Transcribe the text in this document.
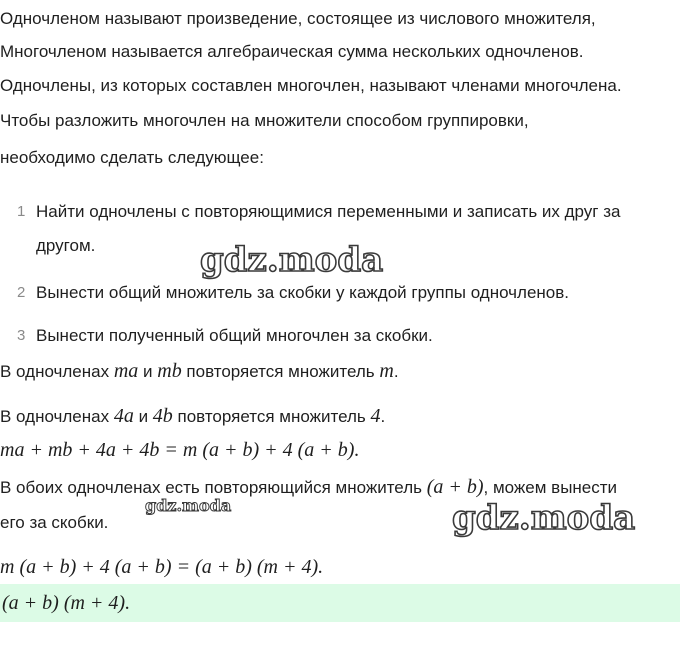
Одночленом называют произведение, состоящее из числового множителя,
Многочленом называется алгебраическая сумма нескольких одночленов.
Одночлены, из которых составлен многочлен, называют членами многочлена.
Чтобы разложить многочлен на множители способом группировки,
необходимо сделать следующее:
1 Найти одночлены с повторяющимися переменными и записать их друг за
другом.
2 Вынести общий множитель за скобки у каждой группы одночленов.
3 Вынести полученный общий многочлен за скобки.
В одночленах ma и mb повторяется множитель m.
В одночленах 4a и 4b повторяется множитель 4.
ma + mb + 4a + 4b = m (a + b) + 4 (a + b).
В обоих одночленах есть повторяющийся множитель (a + b), можем вынести
его за скобки.
m (a + b) + 4 (a + b) = (a + b) (m + 4).
(a + b) (m + 4).
gdz.moda
gdz.moda	gdz.moda
